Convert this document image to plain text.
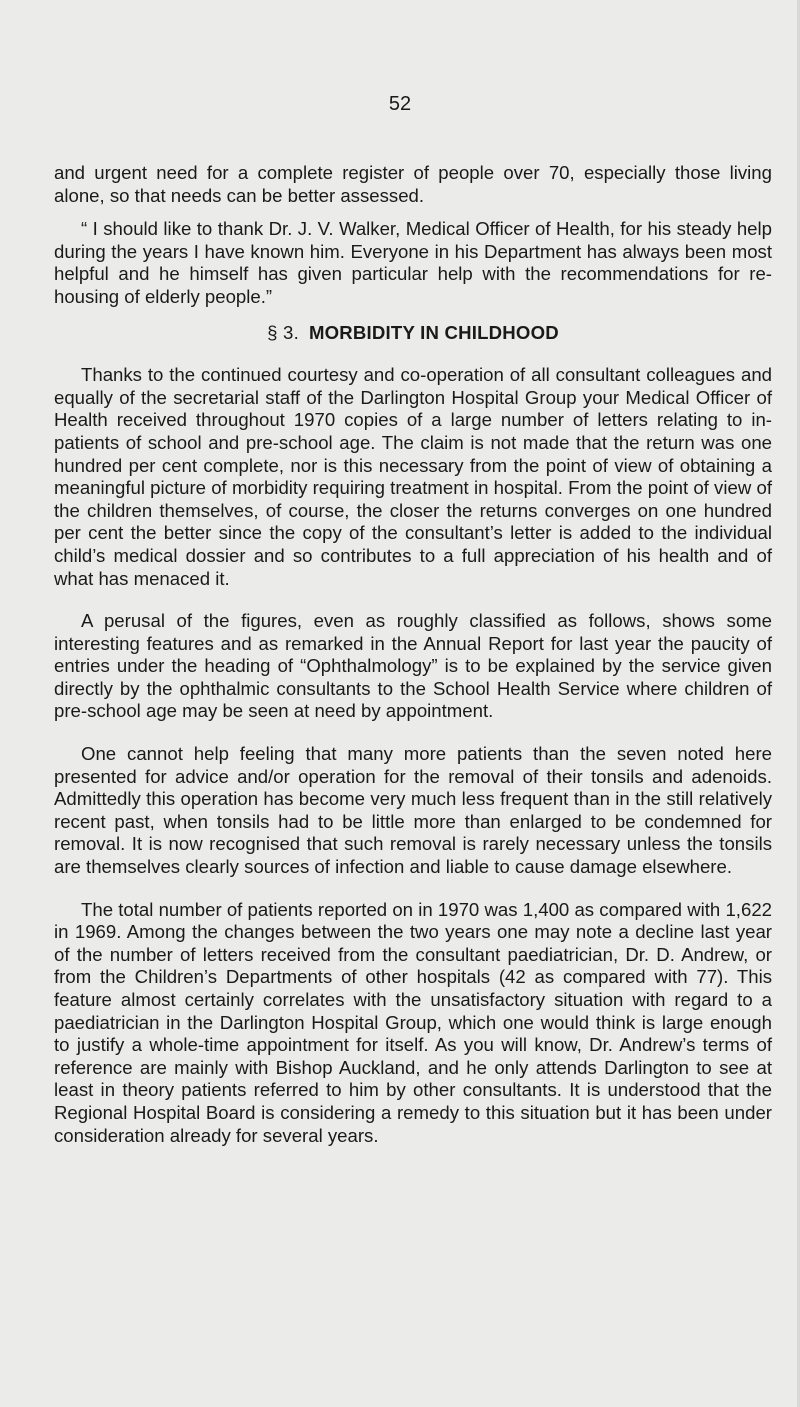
52

and urgent need for a complete register of people over 70, especially those living alone, so that needs can be better assessed.

“ I should like to thank Dr. J. V. Walker, Medical Officer of Health, for his steady help during the years I have known him. Everyone in his Department has always been most helpful and he himself has given particular help with the recommendations for re-housing of elderly people.”

§ 3. MORBIDITY IN CHILDHOOD

Thanks to the continued courtesy and co-operation of all consultant colleagues and equally of the secretarial staff of the Darlington Hospital Group your Medical Officer of Health received throughout 1970 copies of a large number of letters relating to in-patients of school and pre-school age. The claim is not made that the return was one hundred per cent complete, nor is this necessary from the point of view of obtaining a meaningful picture of morbidity requiring treatment in hospital. From the point of view of the children themselves, of course, the closer the returns converges on one hundred per cent the better since the copy of the consultant’s letter is added to the individual child’s medical dossier and so contributes to a full appreciation of his health and of what has menaced it.

A perusal of the figures, even as roughly classified as follows, shows some interesting features and as remarked in the Annual Report for last year the paucity of entries under the heading of “Ophthalmology” is to be explained by the service given directly by the ophthalmic consultants to the School Health Service where children of pre-school age may be seen at need by appointment.

One cannot help feeling that many more patients than the seven noted here presented for advice and/or operation for the removal of their tonsils and adenoids. Admittedly this operation has become very much less frequent than in the still relatively recent past, when tonsils had to be little more than enlarged to be condemned for removal. It is now recognised that such removal is rarely necessary unless the tonsils are themselves clearly sources of infection and liable to cause damage elsewhere.

The total number of patients reported on in 1970 was 1,400 as compared with 1,622 in 1969. Among the changes between the two years one may note a decline last year of the number of letters received from the consultant paediatrician, Dr. D. Andrew, or from the Children’s Departments of other hospitals (42 as compared with 77). This feature almost certainly correlates with the unsatisfactory situation with regard to a paediatrician in the Darlington Hospital Group, which one would think is large enough to justify a whole-time appointment for itself. As you will know, Dr. Andrew’s terms of reference are mainly with Bishop Auckland, and he only attends Darlington to see at least in theory patients referred to him by other consultants. It is understood that the Regional Hospital Board is considering a remedy to this situation but it has been under consideration already for several years.
